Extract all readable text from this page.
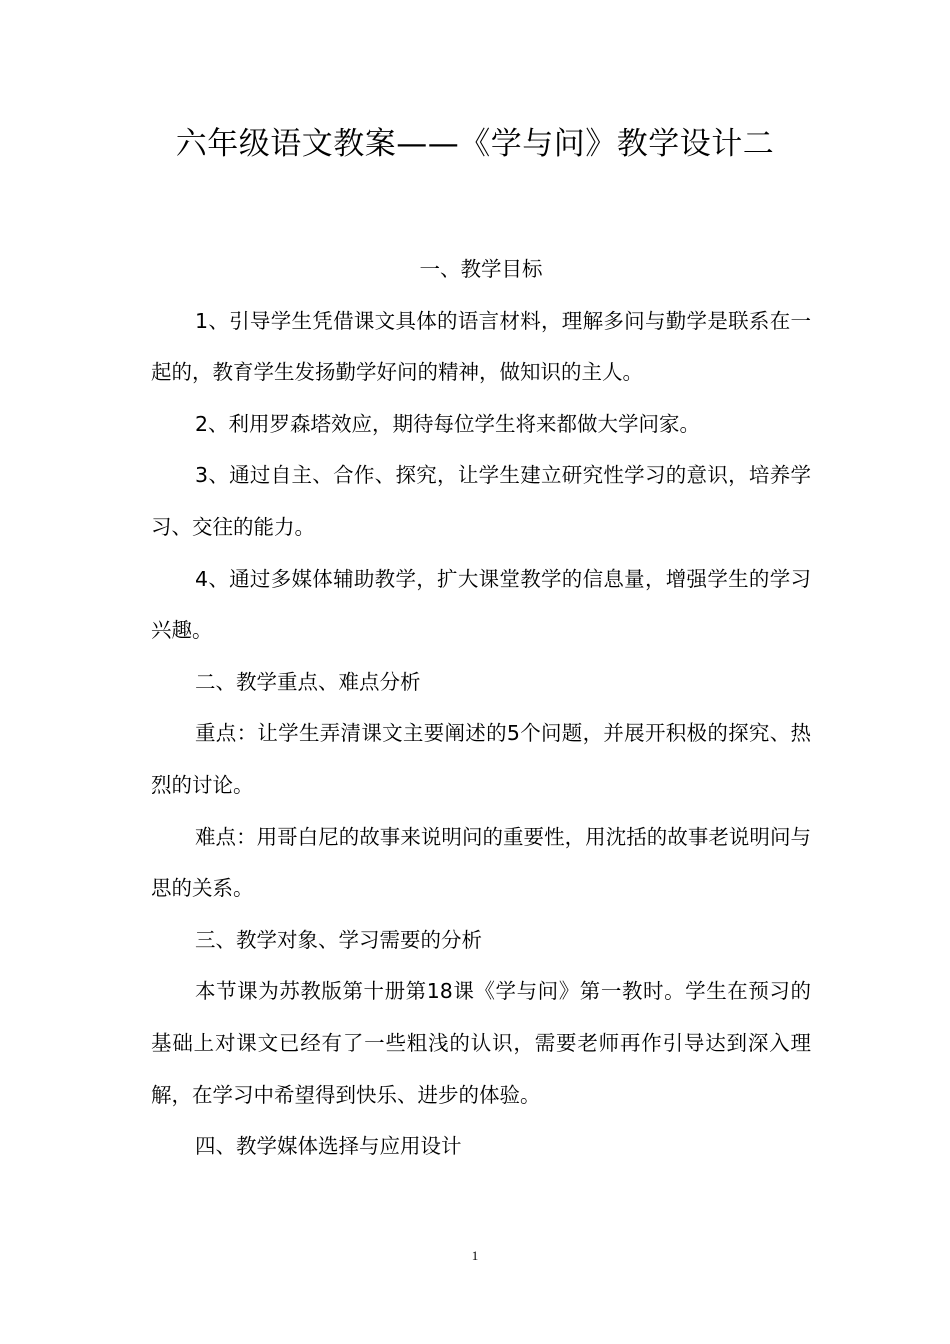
六年级语文教案——《学与问》教学设计二

一、教学目标

1、引导学生凭借课文具体的语言材料，理解多问与勤学是联系在一起的，教育学生发扬勤学好问的精神，做知识的主人。

2、利用罗森塔效应，期待每位学生将来都做大学问家。

3、通过自主、合作、探究，让学生建立研究性学习的意识，培养学习、交往的能力。

4、通过多媒体辅助教学，扩大课堂教学的信息量，增强学生的学习兴趣。

二、教学重点、难点分析

重点：让学生弄清课文主要阐述的5个问题，并展开积极的探究、热烈的讨论。

难点：用哥白尼的故事来说明问的重要性，用沈括的故事老说明问与思的关系。

三、教学对象、学习需要的分析

本节课为苏教版第十册第18课《学与问》第一教时。学生在预习的基础上对课文已经有了一些粗浅的认识，需要老师再作引导达到深入理解，在学习中希望得到快乐、进步的体验。

四、教学媒体选择与应用设计

1
